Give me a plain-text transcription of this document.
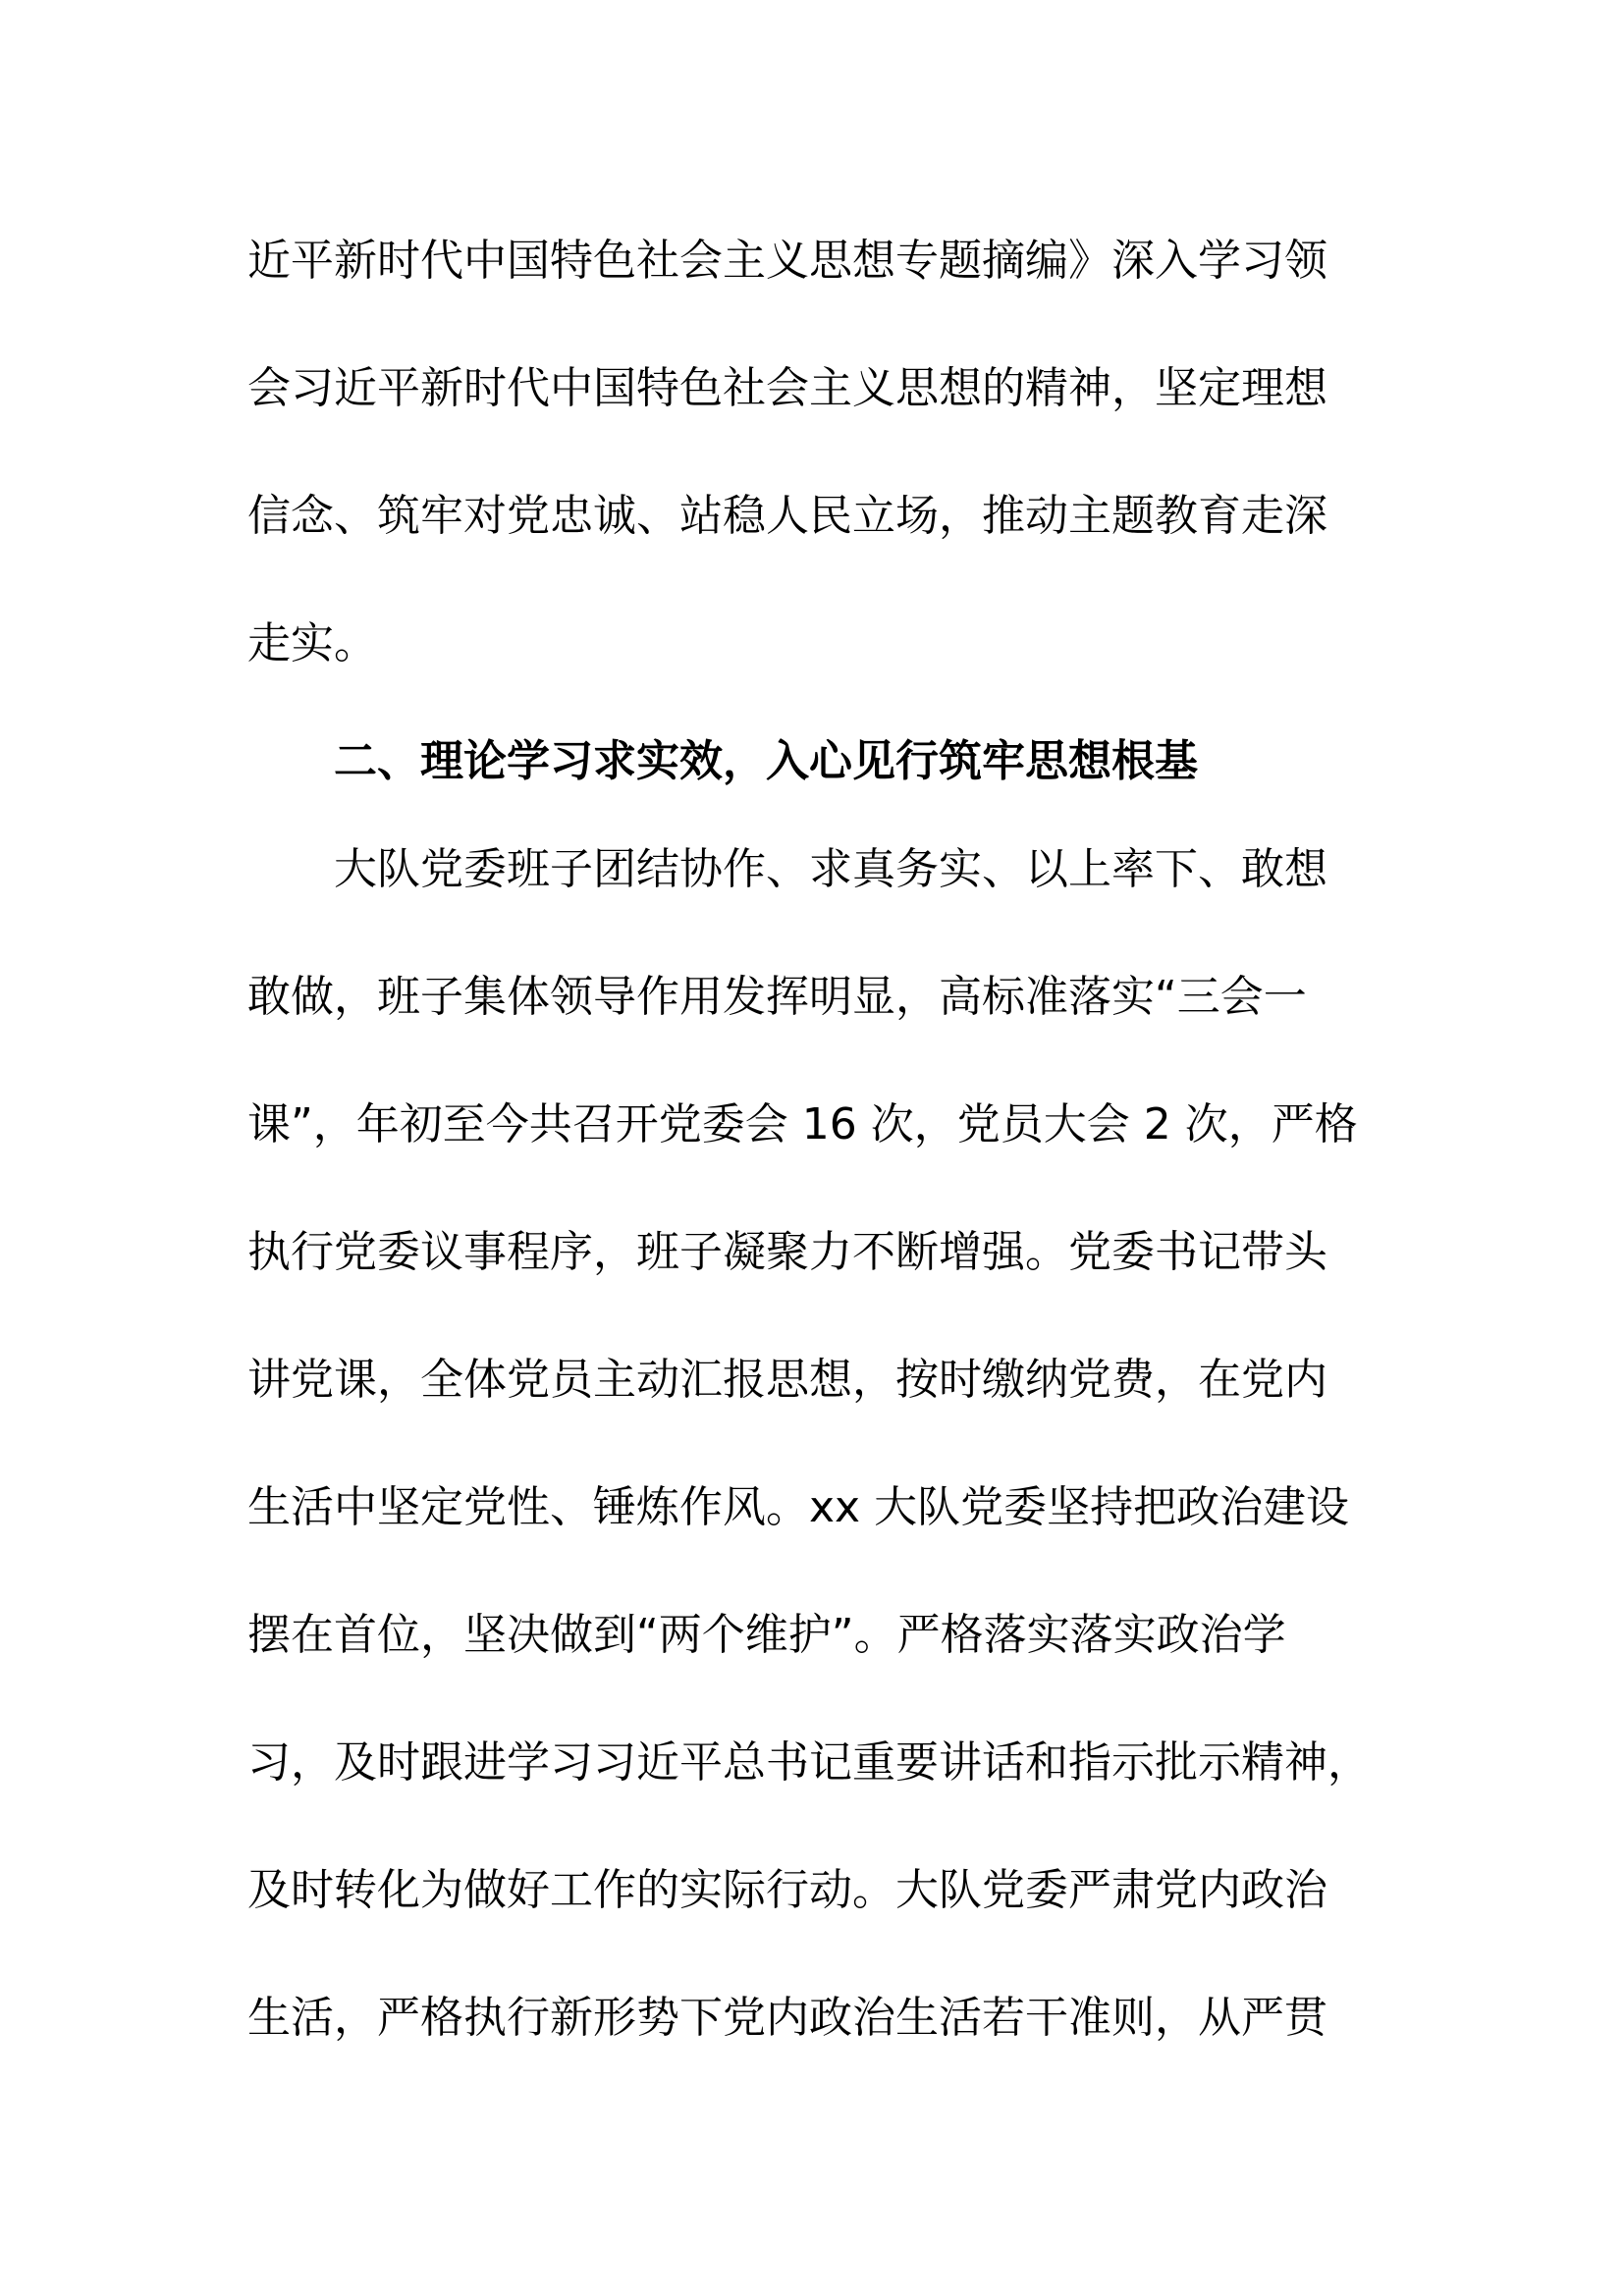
近平新时代中国特色社会主义思想专题摘编》深入学习领
会习近平新时代中国特色社会主义思想的精神，坚定理想
信念、筑牢对党忠诚、站稳人民立场，推动主题教育走深
走实。
二、理论学习求实效，入心见行筑牢思想根基
大队党委班子团结协作、求真务实、以上率下、敢想
敢做，班子集体领导作用发挥明显，高标准落实“三会一
课”，年初至今共召开党委会 16 次，党员大会 2 次，严格
执行党委议事程序，班子凝聚力不断增强。党委书记带头
讲党课，全体党员主动汇报思想，按时缴纳党费，在党内
生活中坚定党性、锤炼作风。xx 大队党委坚持把政治建设
摆在首位，坚决做到“两个维护”。严格落实落实政治学
习，及时跟进学习习近平总书记重要讲话和指示批示精神，
及时转化为做好工作的实际行动。大队党委严肃党内政治
生活，严格执行新形势下党内政治生活若干准则，从严贯
